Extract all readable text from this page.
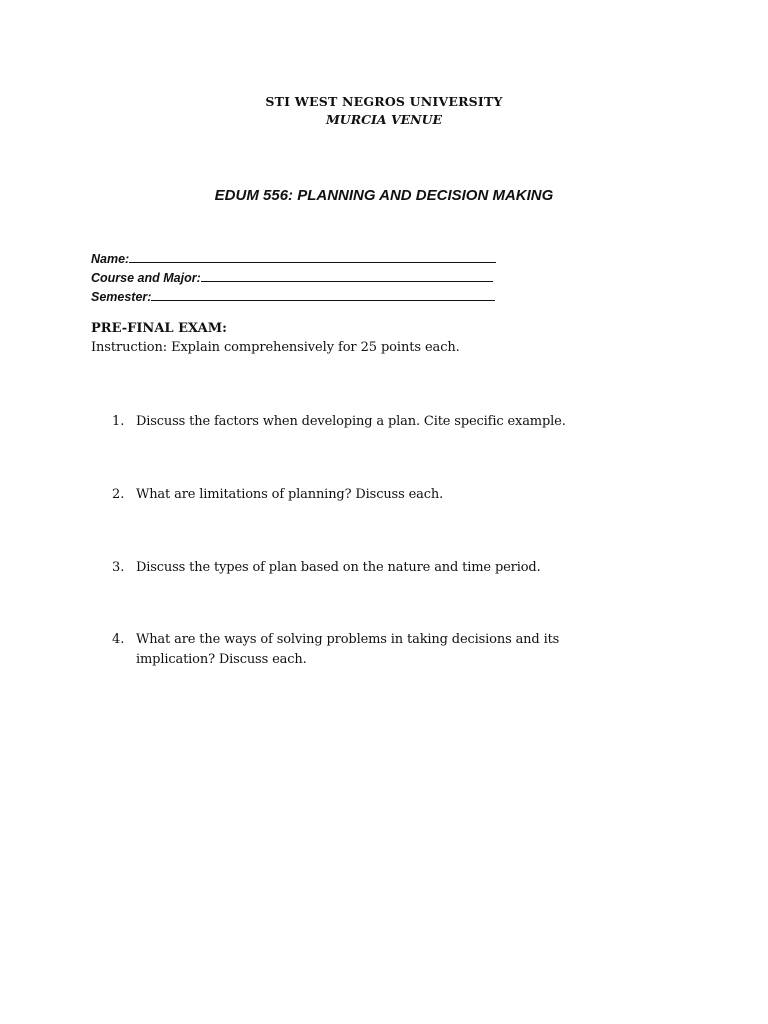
STI WEST NEGROS UNIVERSITY
MURCIA VENUE
EDUM 556: PLANNING AND DECISION MAKING
Name:
Course and Major:
Semester:
PRE-FINAL EXAM:
Instruction: Explain comprehensively for 25 points each.
1. Discuss the factors when developing a plan. Cite specific example.
2. What are limitations of planning? Discuss each.
3. Discuss the types of plan based on the nature and time period.
4. What are the ways of solving problems in taking decisions and its implication? Discuss each.
